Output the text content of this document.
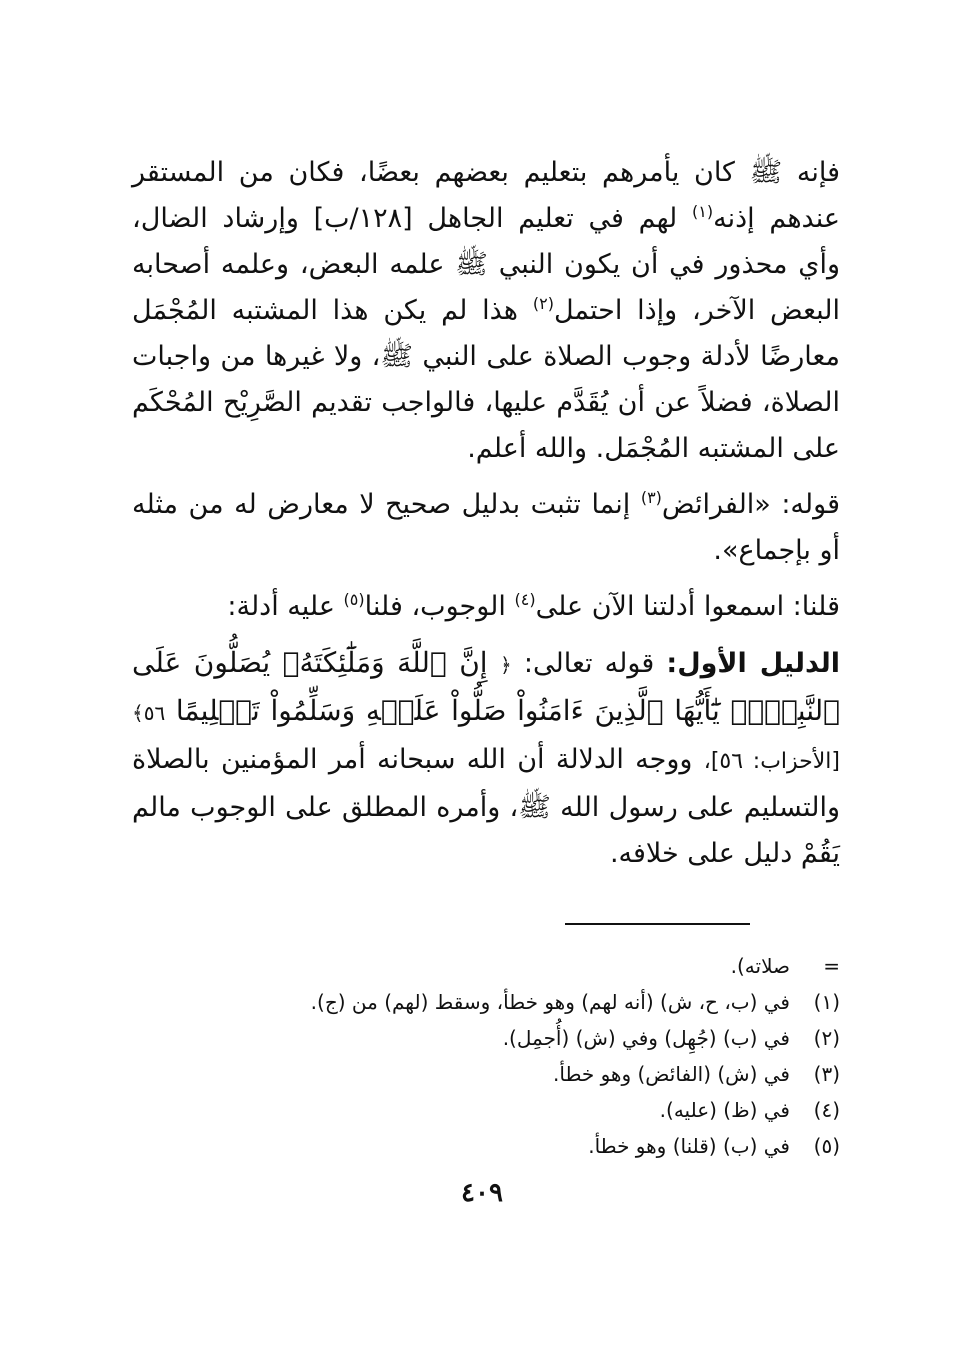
فإنه ﷺ كان يأمرهم بتعليم بعضهم بعضًا، فكان من المستقر عندهم إذنه$^{(١)}$ لهم في تعليم الجاهل [١٢٨/ب] وإرشاد الضال، وأي محذور في أن يكون النبي ﷺ علمه البعض، وعلمه أصحابه البعض الآخر، وإذا احتمل$^{(٢)}$ هذا لم يكن هذا المشتبه المُجْمَل معارضًا لأدلة وجوب الصلاة على النبي ﷺ، ولا غيرها من واجبات الصلاة، فضلاً عن أن يُقَدَّم عليها، فالواجب تقديم الصَّرِيْح المُحْكَم على المشتبه المُجْمَل. والله أعلم.

قوله: «الفرائض$^{(٣)}$ إنما تثبت بدليل صحيح لا معارض له من مثله أو بإجماع».

قلنا: اسمعوا أدلتنا الآن على$^{(٤)}$ الوجوب، فلنا$^{(٥)}$ عليه أدلة:

الدليل الأول: قوله تعالى: ﴿ إِنَّ ٱللَّهَ وَمَلَٰٓئِكَتَهُۥ يُصَلُّونَ عَلَى ٱلنَّبِيِّۚ يَٰٓأَيُّهَا ٱلَّذِينَ ءَامَنُواْ صَلُّواْ عَلَيۡهِ وَسَلِّمُواْ تَسۡلِيمًا ٥٦﴾ [الأحزاب: ٥٦]، ووجه الدلالة أن الله سبحانه أمر المؤمنين بالصلاة والتسليم على رسول الله ﷺ، وأمره المطلق على الوجوب مالم يَقُمْ دليل على خلافه.

=
صلاته).
(١)
في (ب، ح، ش) (أنه لهم) وهو خطأ، وسقط (لهم) من (ج).
(٢)
في (ب) (جُهِل) وفي (ش) (أُجمِل).
(٣)
في (ش) (الفائض) وهو خطأ.
(٤)
في (ظ) (عليه).
(٥)
في (ب) (قلنا) وهو خطأ.
٤٠٩
